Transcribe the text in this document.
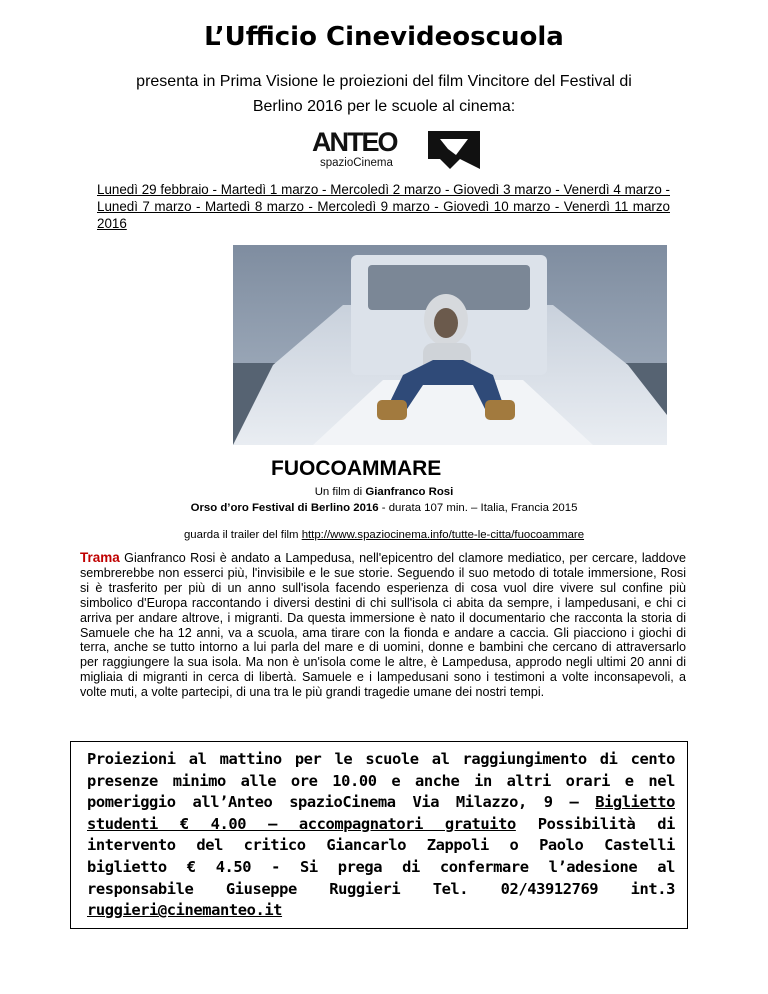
L’Ufficio Cinevideoscuola
presenta in Prima Visione le proiezioni del film Vincitore del Festival di
Berlino 2016 per le scuole al cinema:
ANTEO
spazioCinema
Lunedì 29 febbraio - Martedì 1 marzo - Mercoledì 2 marzo - Giovedì 3 marzo - Venerdì 4 marzo - Lunedì 7 marzo - Martedì 8 marzo - Mercoledì 9 marzo - Giovedì 10 marzo - Venerdì 11 marzo 2016
FUOCOAMMARE
Un film di Gianfranco Rosi
Orso d’oro Festival di Berlino 2016 - durata 107 min. – Italia, Francia 2015
guarda il trailer del film http://www.spaziocinema.info/tutte-le-citta/fuocoammare
Trama Gianfranco Rosi è andato a Lampedusa, nell'epicentro del clamore mediatico, per cercare, laddove sembrerebbe non esserci più, l'invisibile e le sue storie. Seguendo il suo metodo di totale immersione, Rosi si è trasferito per più di un anno sull'isola facendo esperienza di cosa vuol dire vivere sul confine più simbolico d'Europa raccontando i diversi destini di chi sull'isola ci abita da sempre, i lampedusani, e chi ci arriva per andare altrove, i migranti. Da questa immersione è nato il documentario che racconta la storia di Samuele che ha 12 anni, va a scuola, ama tirare con la fionda e andare a caccia. Gli piacciono i giochi di terra, anche se tutto intorno a lui parla del mare e di uomini, donne e bambini che cercano di attraversarlo per raggiungere la sua isola. Ma non è un'isola come le altre, è Lampedusa, approdo negli ultimi 20 anni di migliaia di migranti in cerca di libertà. Samuele e i lampedusani sono i testimoni a volte inconsapevoli, a volte muti, a volte partecipi, di una tra le più grandi tragedie umane dei nostri tempi.
Proiezioni al mattino per le scuole al raggiungimento di cento presenze minimo alle ore 10.00 e anche in altri orari e nel pomeriggio all’Anteo spazioCinema Via Milazzo, 9 – Biglietto studenti € 4.00 – accompagnatori gratuito Possibilità di intervento del critico Giancarlo Zappoli o Paolo Castelli biglietto € 4.50 - Si prega di confermare l’adesione al responsabile Giuseppe Ruggieri Tel. 02/43912769 int.3 ruggieri@cinemanteo.it
